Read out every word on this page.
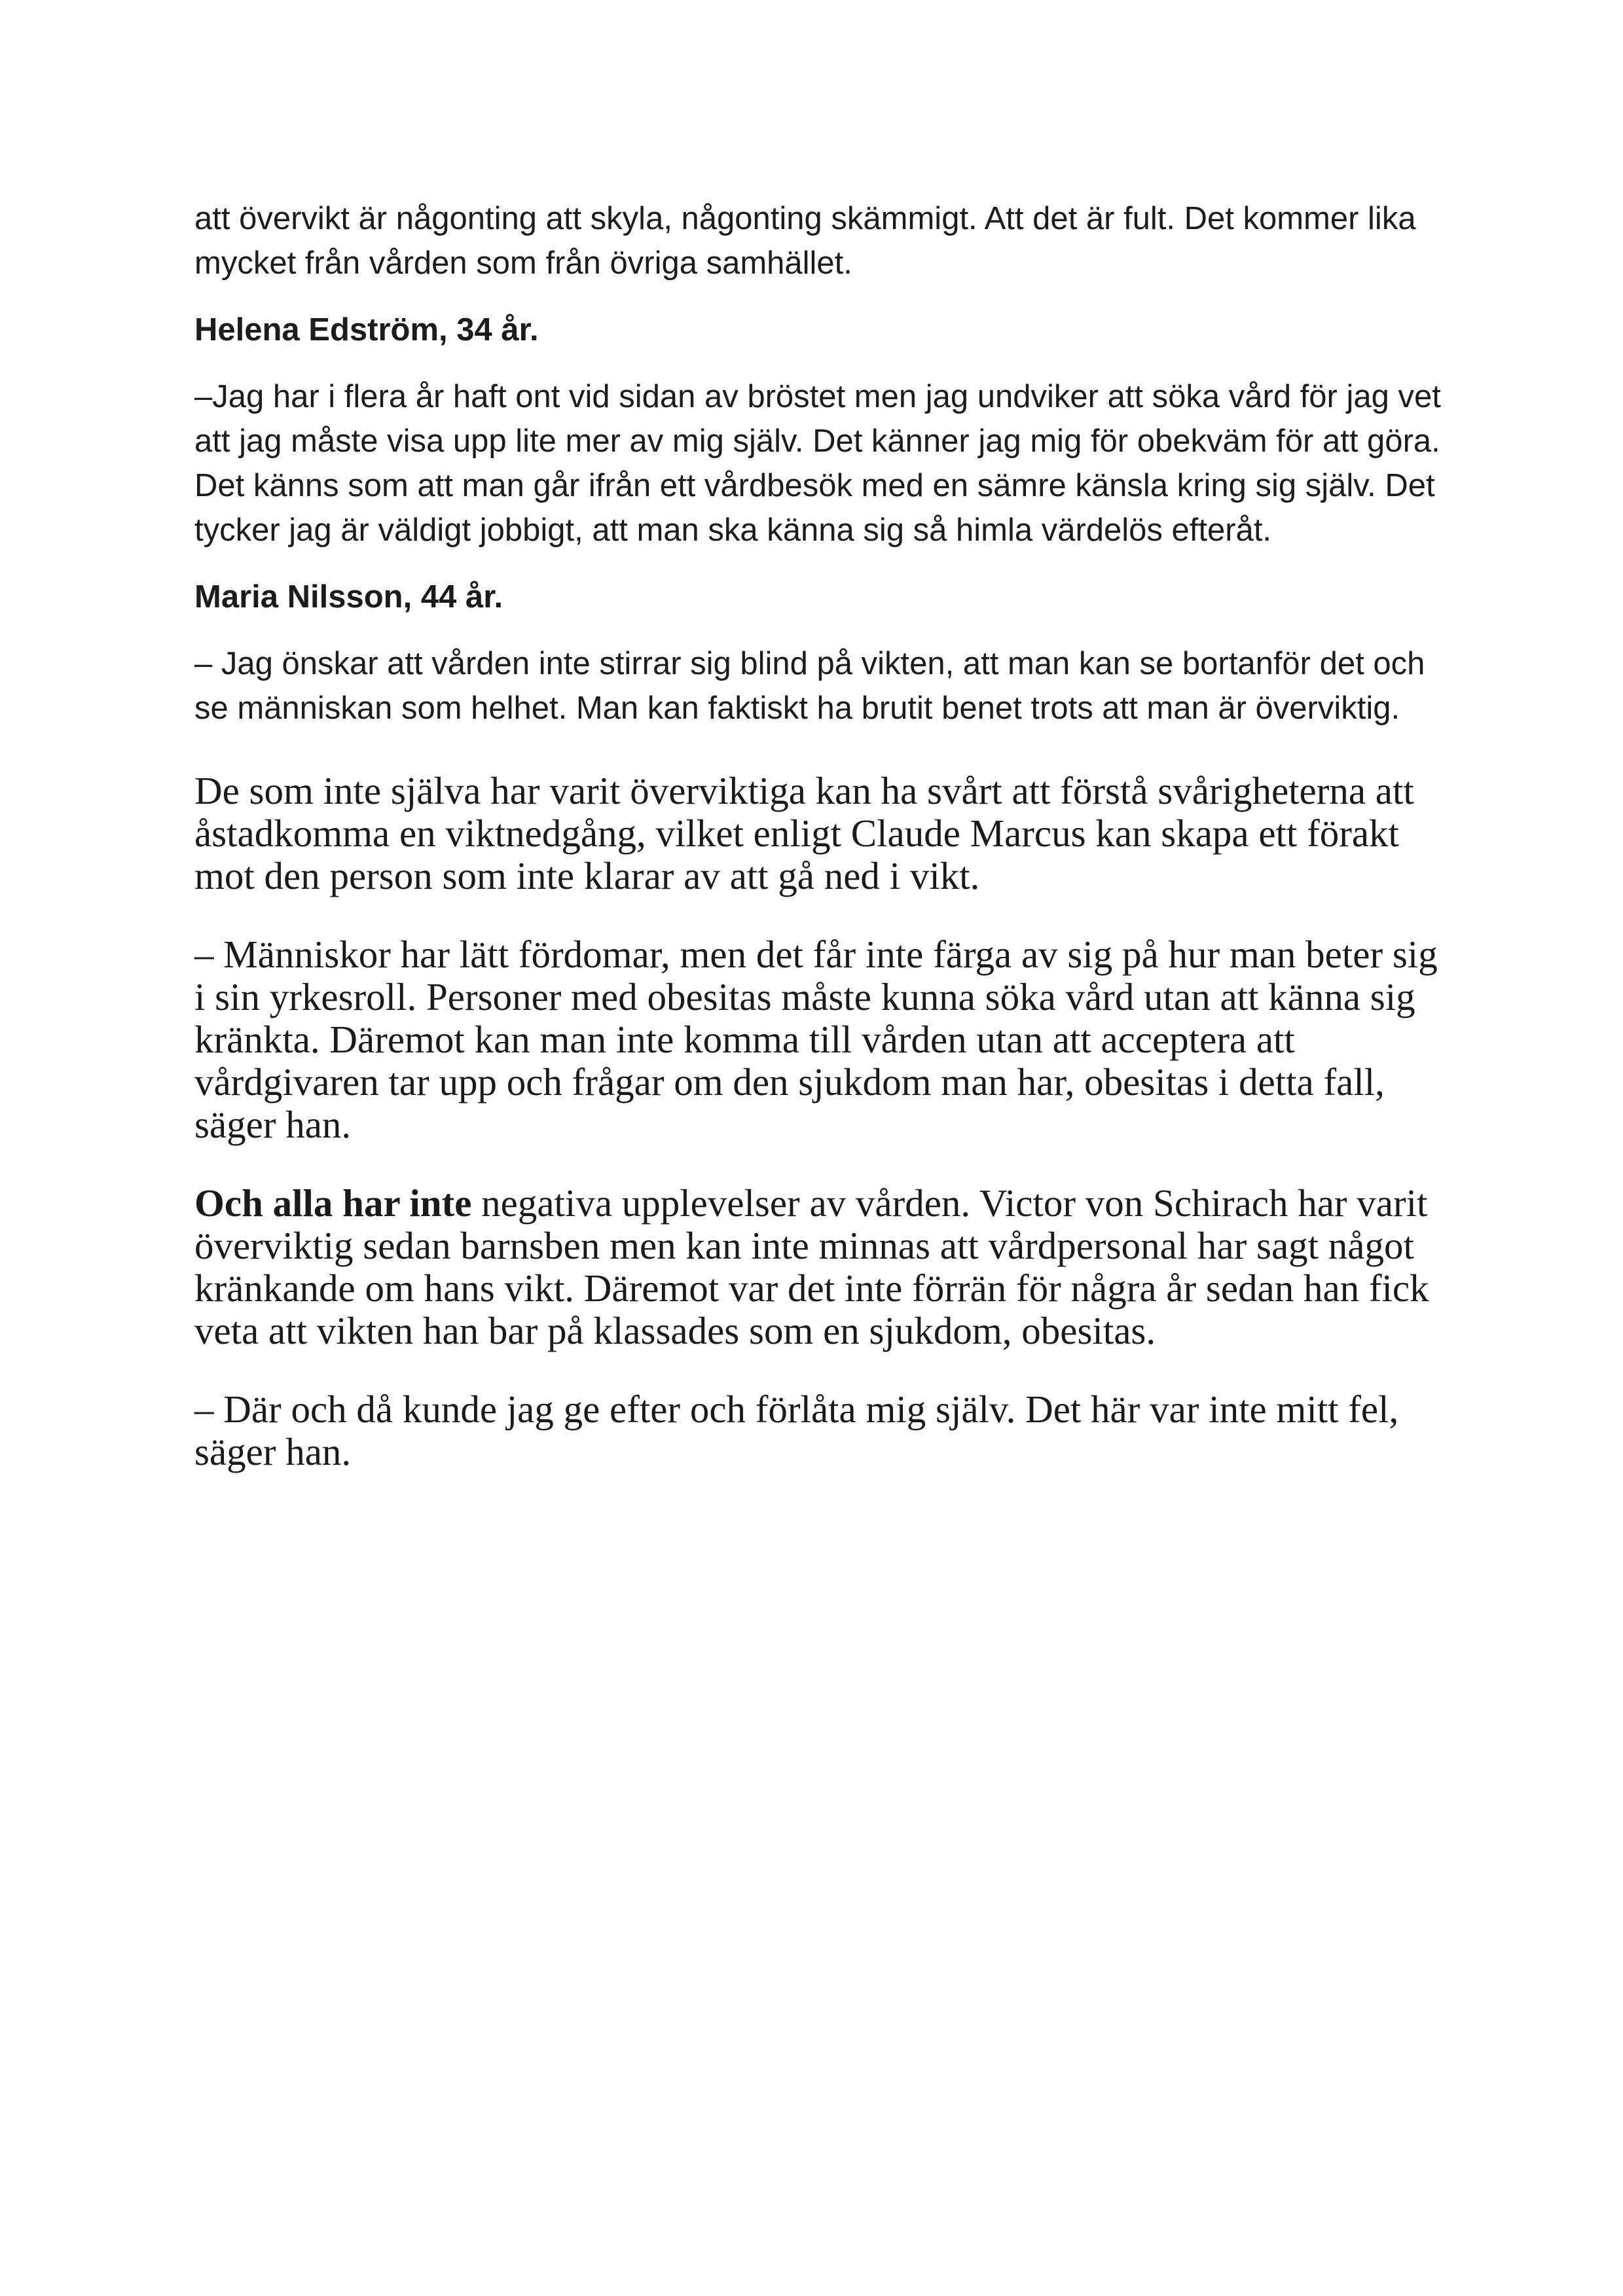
att övervikt är någonting att skyla, någonting skämmigt. Att det är fult. Det kommer lika mycket från vården som från övriga samhället.

Helena Edström, 34 år.

–Jag har i flera år haft ont vid sidan av bröstet men jag undviker att söka vård för jag vet att jag måste visa upp lite mer av mig själv. Det känner jag mig för obekväm för att göra. Det känns som att man går ifrån ett vårdbesök med en sämre känsla kring sig själv. Det tycker jag är väldigt jobbigt, att man ska känna sig så himla värdelös efteråt.

Maria Nilsson, 44 år.

– Jag önskar att vården inte stirrar sig blind på vikten, att man kan se bortanför det och se människan som helhet. Man kan faktiskt ha brutit benet trots att man är överviktig.

De som inte själva har varit överviktiga kan ha svårt att förstå svårigheterna att åstadkomma en viktnedgång, vilket enligt Claude Marcus kan skapa ett förakt mot den person som inte klarar av att gå ned i vikt.

– Människor har lätt fördomar, men det får inte färga av sig på hur man beter sig i sin yrkesroll. Personer med obesitas måste kunna söka vård utan att känna sig kränkta. Däremot kan man inte komma till vården utan att acceptera att vårdgivaren tar upp och frågar om den sjukdom man har, obesitas i detta fall, säger han.

Och alla har inte negativa upplevelser av vården. Victor von Schirach har varit överviktig sedan barnsben men kan inte minnas att vårdpersonal har sagt något kränkande om hans vikt. Däremot var det inte förrän för några år sedan han fick veta att vikten han bar på klassades som en sjukdom, obesitas.

– Där och då kunde jag ge efter och förlåta mig själv. Det här var inte mitt fel, säger han.
